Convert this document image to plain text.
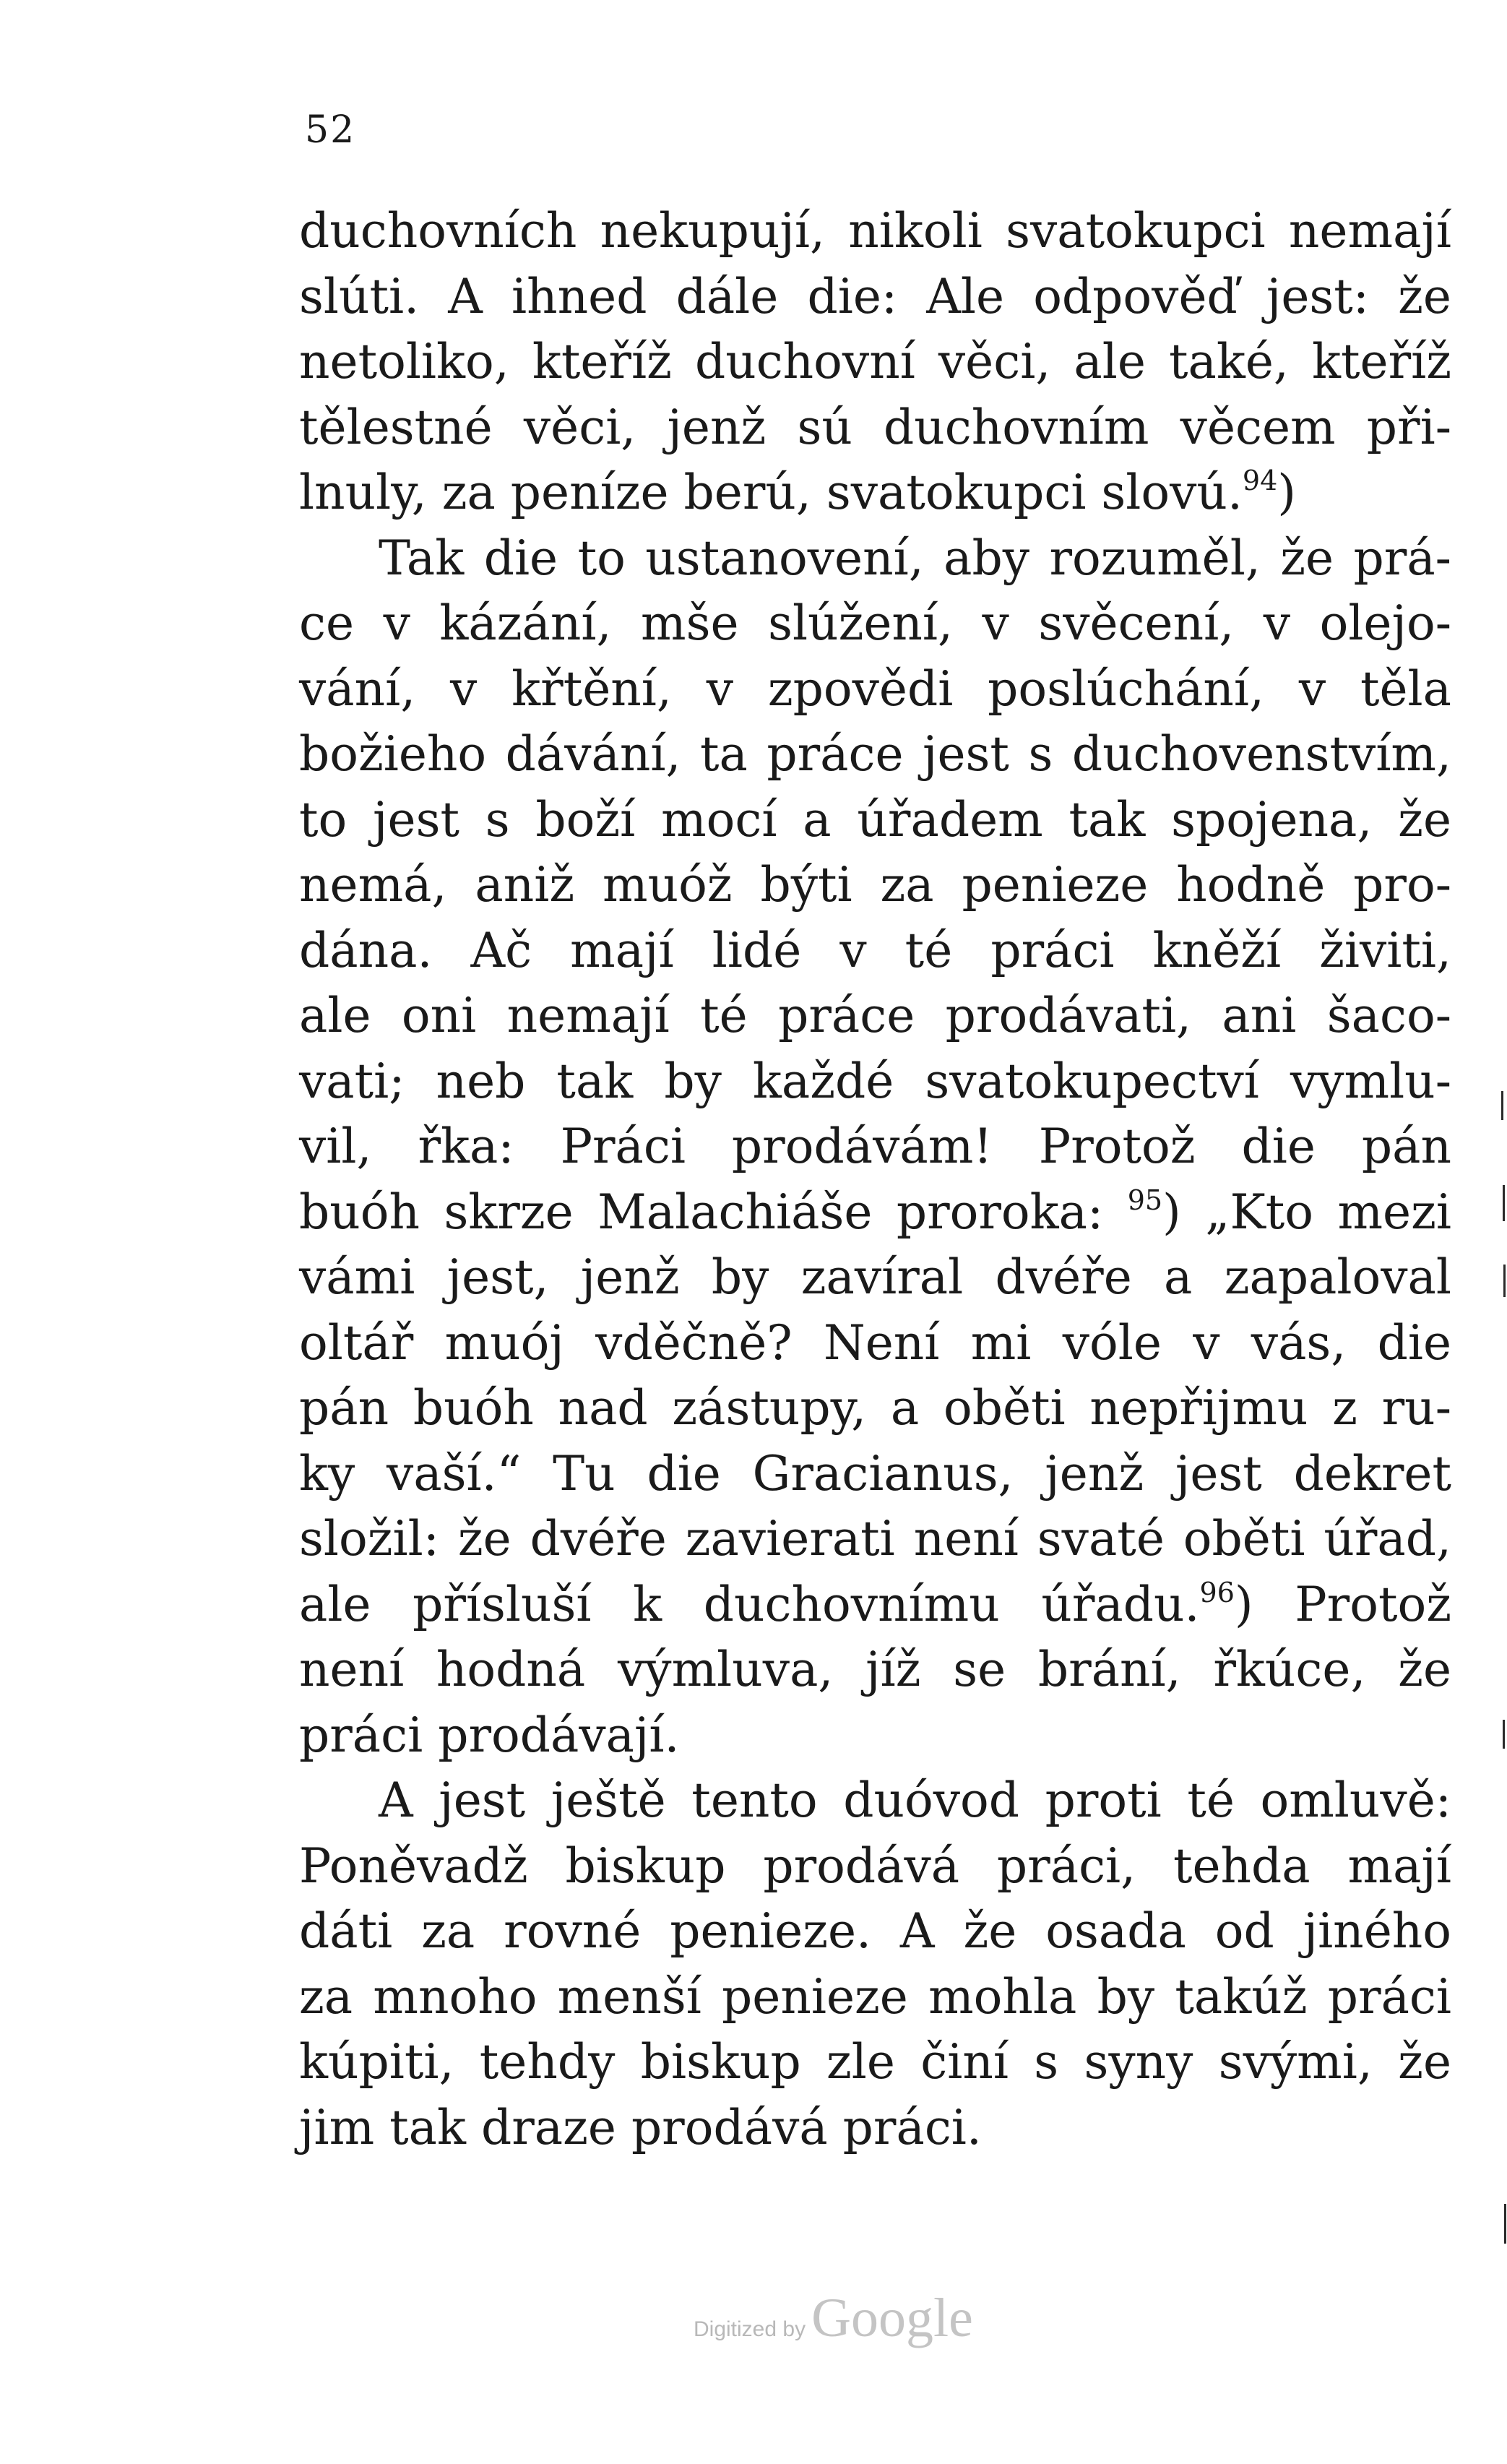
52
duchovních nekupují, nikoli svatokupci nemají
slúti. A ihned dále die: Ale odpověď jest: že
netoliko, kteříž duchovní věci, ale také, kteříž
tělestné věci, jenž sú duchovním věcem při-
lnuly, za peníze berú, svatokupci slovú.$^{94}$)
Tak die to ustanovení, aby rozuměl, že prá-
ce v kázání, mše slúžení, v svěcení, v olejo-
vání, v křtění, v zpovědi poslúchání, v těla
božieho dávání, ta práce jest s duchovenstvím,
to jest s boží mocí a úřadem tak spojena, že
nemá, aniž muóž býti za penieze hodně pro-
dána. Ač mají lidé v té práci kněží živiti,
ale oni nemají té práce prodávati, ani šaco-
vati; neb tak by každé svatokupectví vymlu-
vil, řka: Práci prodávám! Protož die pán
buóh skrze Malachiáše proroka: $^{95}$) „Kto mezi
vámi jest, jenž by zavíral dvéře a zapaloval
oltář muój vděčně? Není mi vóle v vás, die
pán buóh nad zástupy, a oběti nepřijmu z ru-
ky vaší.“ Tu die Gracianus, jenž jest dekret
složil: že dvéře zavierati není svaté oběti úřad,
ale přísluší k duchovnímu úřadu.$^{96}$) Protož
není hodná výmluva, jíž se brání, řkúce, že
práci prodávají.
A jest ještě tento duóvod proti té omluvě:
Poněvadž biskup prodává práci, tehda mají
dáti za rovné penieze. A že osada od jiného
za mnoho menší penieze mohla by takúž práci
kúpiti, tehdy biskup zle činí s syny svými, že
jim tak draze prodává práci.
Digitized by Google
